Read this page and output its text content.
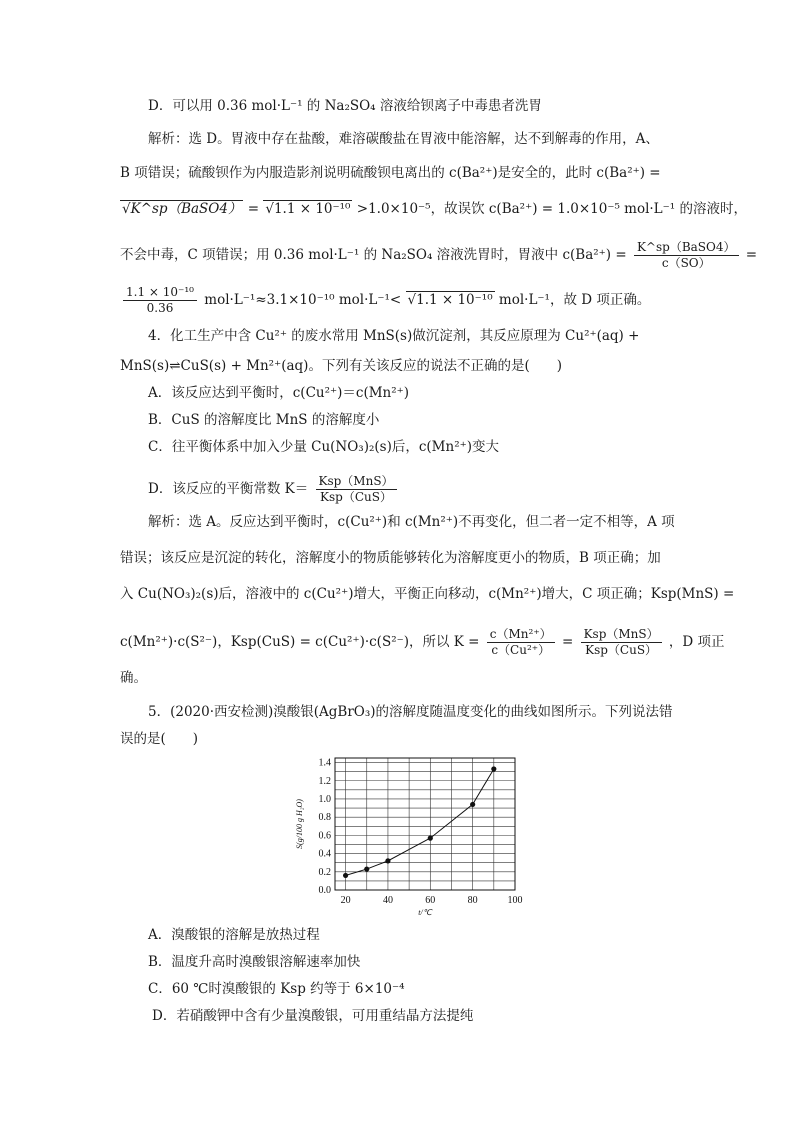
D．可以用 0.36 mol·L⁻¹ 的 Na₂SO₄ 溶液给钡离子中毒患者洗胃
解析：选 D。胃液中存在盐酸，难溶碳酸盐在胃液中能溶解，达不到解毒的作用，A、
B 项错误；硫酸钡作为内服造影剂说明硫酸钡电离出的 c(Ba²⁺)是安全的，此时 c(Ba²⁺) =
√K^sp（BaSO4） = √1.1 × 10⁻¹⁰ >1.0×10⁻⁵，故误饮 c(Ba²⁺) = 1.0×10⁻⁵ mol·L⁻¹ 的溶液时，
不会中毒，C 项错误；用 0.36 mol·L⁻¹ 的 Na₂SO₄ 溶液洗胃时，胃液中 $c(Ba^{2+}) = \frac{\text{K\textasciicircum{}sp（BaSO4）}}{c(SO)}$ =
$\frac{\text{1.1 × 10⁻¹⁰}}{0.36} mol\cdot L^{-1}\approx 3.1\times 10^{-10}$ mol·L⁻¹< √1.1 × 10⁻¹⁰ mol·L⁻¹，故 D 项正确。
4．化工生产中含 Cu²⁺ 的废水常用 MnS(s)做沉淀剂，其反应原理为 Cu²⁺(aq) +
MnS(s)⇌CuS(s) + Mn²⁺(aq)。下列有关该反应的说法不正确的是(　　)
A．该反应达到平衡时，c(Cu²⁺)＝c(Mn²⁺)
B．CuS 的溶解度比 MnS 的溶解度小
C．往平衡体系中加入少量 Cu(NO₃)₂(s)后，c(Mn²⁺)变大
D．该反应的平衡常数 $K= \frac{\text{Ksp（MnS）}}{\text{Ksp（CuS）}}$
解析：选 A。反应达到平衡时，c(Cu²⁺)和 c(Mn²⁺)不再变化，但二者一定不相等，A 项
错误；该反应是沉淀的转化，溶解度小的物质能够转化为溶解度更小的物质，B 项正确；加
入 Cu(NO₃)₂(s)后，溶液中的 c(Cu²⁺)增大，平衡正向移动，c(Mn²⁺)增大，C 项正确；Ksp(MnS) =
c(Mn²⁺)·c(S²⁻)，Ksp(CuS) = c(Cu²⁺)·c(S²⁻)，所以 $K = \frac{\text{c（Mn²⁺）}}{\text{c（Cu²⁺）}} = \frac{\text{Ksp（MnS）}}{\text{Ksp（CuS）}}$ ，D 项正
确。
5．(2020·西安检测)溴酸银(AgBrO₃)的溶解度随温度变化的曲线如图所示。下列说法错
误的是(　　)
0.0
0.2
0.4
0.6
0.8
1.0
1.2
1.4
20	40	60	80	100
S(g/100 g H₂O)
t/℃
A．溴酸银的溶解是放热过程
B．温度升高时溴酸银溶解速率加快
C．60 ℃时溴酸银的 Ksp 约等于 6×10⁻⁴
D．若硝酸钾中含有少量溴酸银，可用重结晶方法提纯
